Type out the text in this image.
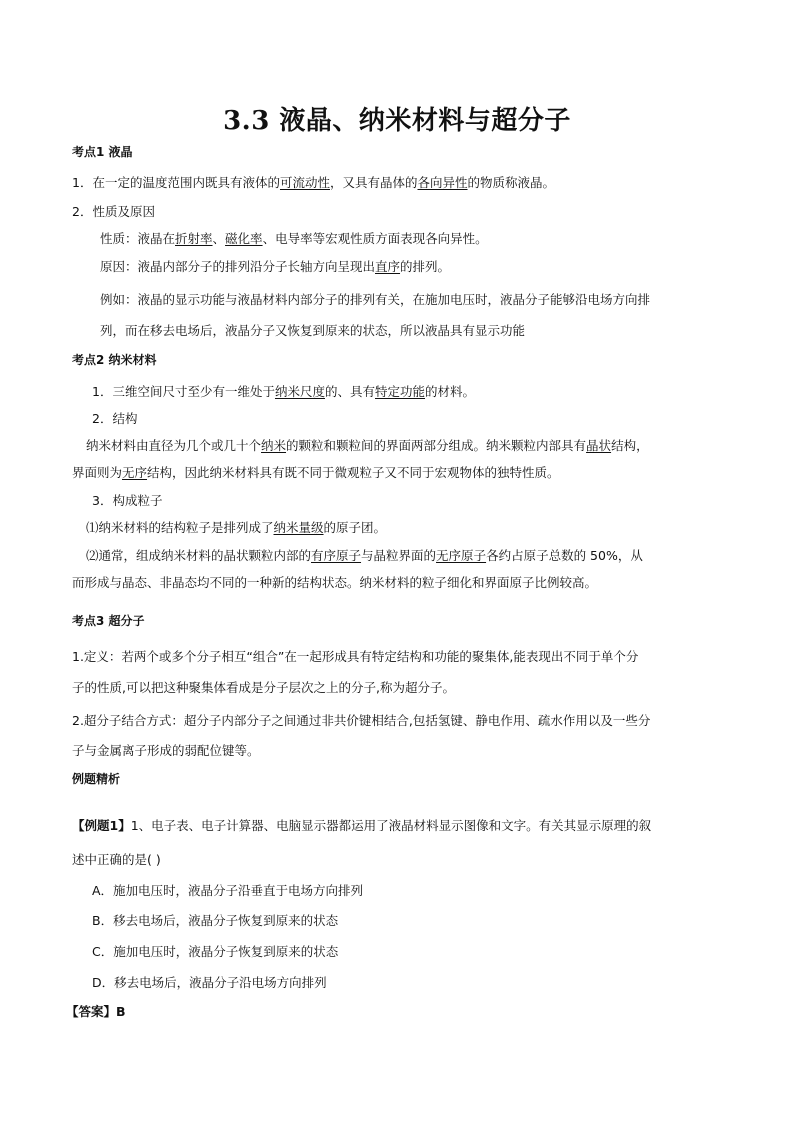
3.3 液晶、纳米材料与超分子
考点1 液晶
1．在一定的温度范围内既具有液体的可流动性，又具有晶体的各向异性的物质称液晶。
2．性质及原因
性质：液晶在折射率、磁化率、电导率等宏观性质方面表现各向异性。
原因：液晶内部分子的排列沿分子长轴方向呈现出直序的排列。
例如：液晶的显示功能与液晶材料内部分子的排列有关，在施加电压时，液晶分子能够沿电场方向排
列，而在移去电场后，液晶分子又恢复到原来的状态，所以液晶具有显示功能
考点2 纳米材料
1．三维空间尺寸至少有一维处于纳米尺度的、具有特定功能的材料。
2．结构
纳米材料由直径为几个或几十个纳米的颗粒和颗粒间的界面两部分组成。纳米颗粒内部具有晶状结构，
界面则为无序结构，因此纳米材料具有既不同于微观粒子又不同于宏观物体的独特性质。
3．构成粒子
⑴纳米材料的结构粒子是排列成了纳米量级的原子团。
⑵通常，组成纳米材料的晶状颗粒内部的有序原子与晶粒界面的无序原子各约占原子总数的 50%，从
而形成与晶态、非晶态均不同的一种新的结构状态。纳米材料的粒子细化和界面原子比例较高。
考点3 超分子
1.定义：若两个或多个分子相互“组合”在一起形成具有特定结构和功能的聚集体,能表现出不同于单个分
子的性质,可以把这种聚集体看成是分子层次之上的分子,称为超分子。
2.超分子结合方式：超分子内部分子之间通过非共价键相结合,包括氢键、静电作用、疏水作用以及一些分
子与金属离子形成的弱配位键等。
例题精析
【例题1】1、电子表、电子计算器、电脑显示器都运用了液晶材料显示图像和文字。有关其显示原理的叙
述中正确的是( )
A．施加电压时，液晶分子沿垂直于电场方向排列
B．移去电场后，液晶分子恢复到原来的状态
C．施加电压时，液晶分子恢复到原来的状态
D．移去电场后，液晶分子沿电场方向排列
【答案】B
